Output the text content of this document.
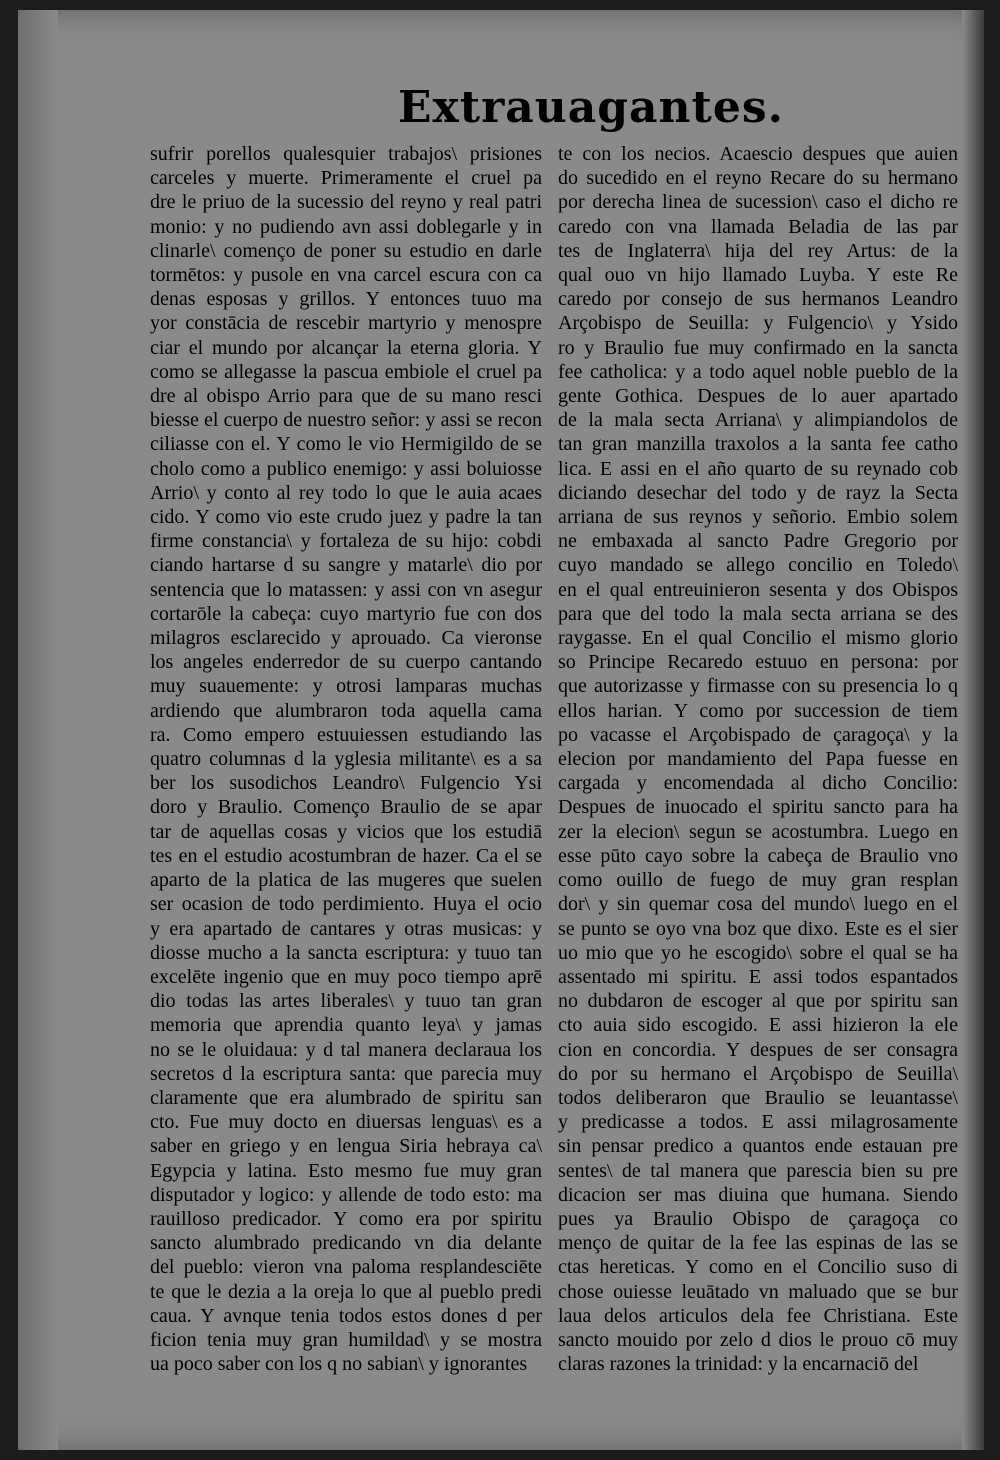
Extrauagantes.
sufrir porellos qualesquier trabajos\ prisiones
carceles y muerte. Primeramente el cruel pa
dre le priuo de la sucessio del reyno y real patri
monio: y no pudiendo avn assi doblegarle y in
clinarle\ començo de poner su estudio en darle
tormētos: y pusole en vna carcel escura con ca
denas esposas y grillos. Y entonces tuuo ma
yor constācia de rescebir martyrio y menospre
ciar el mundo por alcançar la eterna gloria. Y
como se allegasse la pascua embiole el cruel pa
dre al obispo Arrio para que de su mano resci
biesse el cuerpo de nuestro señor: y assi se recon
ciliasse con el. Y como le vio Hermigildo de se
cholo como a publico enemigo: y assi boluiosse
Arrio\ y conto al rey todo lo que le auia acaes
cido. Y como vio este crudo juez y padre la tan
firme constancia\ y fortaleza de su hijo: cobdi
ciando hartarse d su sangre y matarle\ dio por
sentencia que lo matassen: y assi con vn asegur
cortarōle la cabeça: cuyo martyrio fue con dos
milagros esclarecido y aprouado. Ca vieronse
los angeles enderredor de su cuerpo cantando
muy suauemente: y otrosi lamparas muchas
ardiendo que alumbraron toda aquella cama
ra. Como empero estuuiessen estudiando las
quatro columnas d la yglesia militante\ es a sa
ber los susodichos Leandro\ Fulgencio Ysi
doro y Braulio. Començo Braulio de se apar
tar de aquellas cosas y vicios que los estudiā
tes en el estudio acostumbran de hazer. Ca el se
aparto de la platica de las mugeres que suelen
ser ocasion de todo perdimiento. Huya el ocio
y era apartado de cantares y otras musicas: y
diosse mucho a la sancta escriptura: y tuuo tan
excelēte ingenio que en muy poco tiempo aprē
dio todas las artes liberales\ y tuuo tan gran
memoria que aprendia quanto leya\ y jamas
no se le oluidaua: y d tal manera declaraua los
secretos d la escriptura santa: que parecia muy
claramente que era alumbrado de spiritu san
cto. Fue muy docto en diuersas lenguas\ es a
saber en griego y en lengua Siria hebraya ca\
Egypcia y latina. Esto mesmo fue muy gran
disputador y logico: y allende de todo esto: ma
rauilloso predicador. Y como era por spiritu
sancto alumbrado predicando vn dia delante
del pueblo: vieron vna paloma resplandesciēte
te que le dezia a la oreja lo que al pueblo predi
caua. Y avnque tenia todos estos dones d per
ficion tenia muy gran humildad\ y se mostra
ua poco saber con los q no sabian\ y ignorantes
te con los necios. Acaescio despues que auien
do sucedido en el reyno Recare do su hermano
por derecha linea de sucession\ caso el dicho re
caredo con vna llamada Beladia de las par
tes de Inglaterra\ hija del rey Artus: de la
qual ouo vn hijo llamado Luyba. Y este Re
caredo por consejo de sus hermanos Leandro
Arçobispo de Seuilla: y Fulgencio\ y Ysido
ro y Braulio fue muy confirmado en la sancta
fee catholica: y a todo aquel noble pueblo de la
gente Gothica. Despues de lo auer apartado
de la mala secta Arriana\ y alimpiandolos de
tan gran manzilla traxolos a la santa fee catho
lica. E assi en el año quarto de su reynado cob
diciando desechar del todo y de rayz la Secta
arriana de sus reynos y señorio. Embio solem
ne embaxada al sancto Padre Gregorio por
cuyo mandado se allego concilio en Toledo\
en el qual entreuinieron sesenta y dos Obispos
para que del todo la mala secta arriana se des
raygasse. En el qual Concilio el mismo glorio
so Principe Recaredo estuuo en persona: por
que autorizasse y firmasse con su presencia lo q
ellos harian. Y como por succession de tiem
po vacasse el Arçobispado de çaragoça\ y la
elecion por mandamiento del Papa fuesse en
cargada y encomendada al dicho Concilio:
Despues de inuocado el spiritu sancto para ha
zer la elecion\ segun se acostumbra. Luego en
esse pūto cayo sobre la cabeça de Braulio vno
como ouillo de fuego de muy gran resplan
dor\ y sin quemar cosa del mundo\ luego en el
se punto se oyo vna boz que dixo. Este es el sier
uo mio que yo he escogido\ sobre el qual se ha
assentado mi spiritu. E assi todos espantados
no dubdaron de escoger al que por spiritu san
cto auia sido escogido. E assi hizieron la ele
cion en concordia. Y despues de ser consagra
do por su hermano el Arçobispo de Seuilla\
todos deliberaron que Braulio se leuantasse\
y predicasse a todos. E assi milagrosamente
sin pensar predico a quantos ende estauan pre
sentes\ de tal manera que parescia bien su pre
dicacion ser mas diuina que humana. Siendo
pues ya Braulio Obispo de çaragoça co
menço de quitar de la fee las espinas de las se
ctas hereticas. Y como en el Concilio suso di
chose ouiesse leuātado vn maluado que se bur
laua delos articulos dela fee Christiana. Este
sancto mouido por zelo d dios le prouo cō muy
claras razones la trinidad: y la encarnaciō del
